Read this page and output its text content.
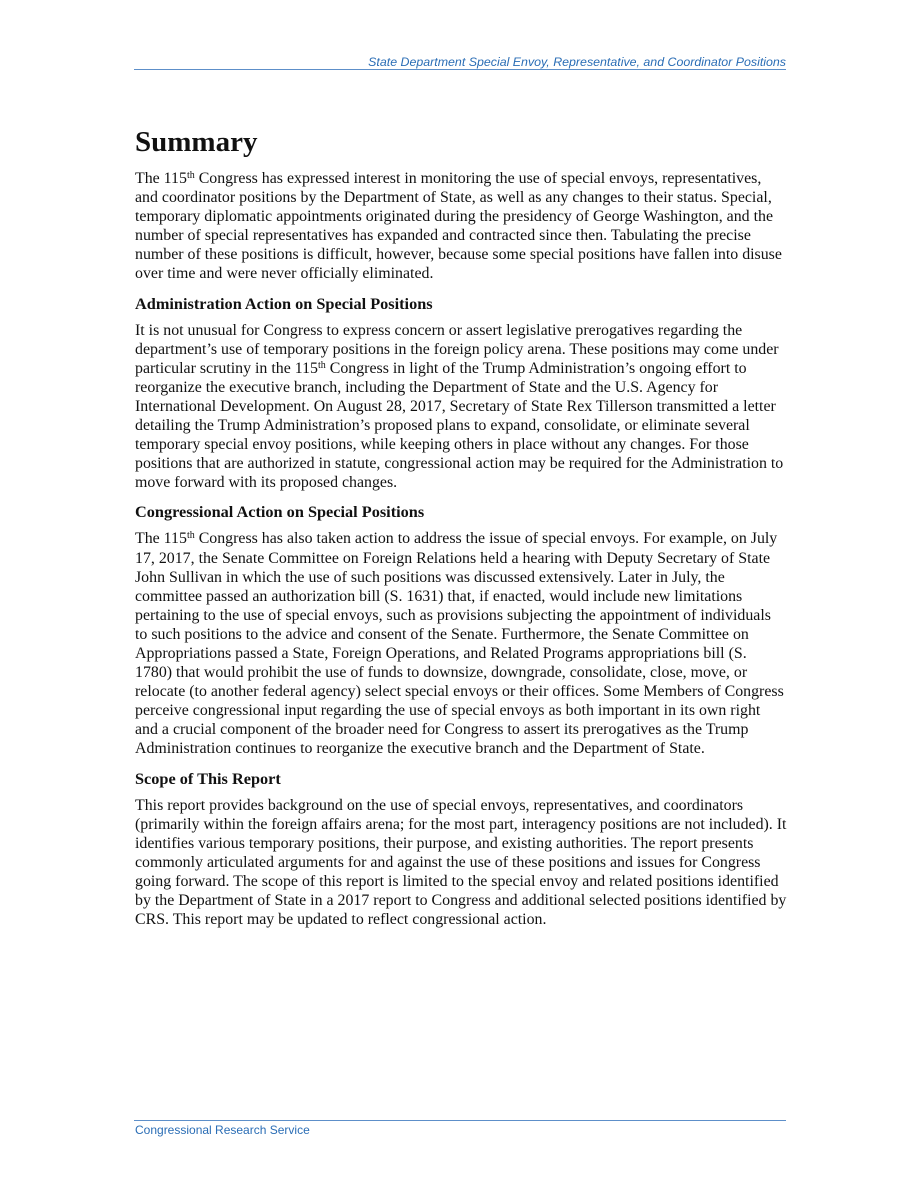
State Department Special Envoy, Representative, and Coordinator Positions
Summary

The 115th Congress has expressed interest in monitoring the use of special envoys, representatives, and coordinator positions by the Department of State, as well as any changes to their status. Special, temporary diplomatic appointments originated during the presidency of George Washington, and the number of special representatives has expanded and contracted since then. Tabulating the precise number of these positions is difficult, however, because some special positions have fallen into disuse over time and were never officially eliminated.

Administration Action on Special Positions

It is not unusual for Congress to express concern or assert legislative prerogatives regarding the department’s use of temporary positions in the foreign policy arena. These positions may come under particular scrutiny in the 115th Congress in light of the Trump Administration’s ongoing effort to reorganize the executive branch, including the Department of State and the U.S. Agency for International Development. On August 28, 2017, Secretary of State Rex Tillerson transmitted a letter detailing the Trump Administration’s proposed plans to expand, consolidate, or eliminate several temporary special envoy positions, while keeping others in place without any changes. For those positions that are authorized in statute, congressional action may be required for the Administration to move forward with its proposed changes.

Congressional Action on Special Positions

The 115th Congress has also taken action to address the issue of special envoys. For example, on July 17, 2017, the Senate Committee on Foreign Relations held a hearing with Deputy Secretary of State John Sullivan in which the use of such positions was discussed extensively. Later in July, the committee passed an authorization bill (S. 1631) that, if enacted, would include new limitations pertaining to the use of special envoys, such as provisions subjecting the appointment of individuals to such positions to the advice and consent of the Senate. Furthermore, the Senate Committee on Appropriations passed a State, Foreign Operations, and Related Programs appropriations bill (S. 1780) that would prohibit the use of funds to downsize, downgrade, consolidate, close, move, or relocate (to another federal agency) select special envoys or their offices. Some Members of Congress perceive congressional input regarding the use of special envoys as both important in its own right and a crucial component of the broader need for Congress to assert its prerogatives as the Trump Administration continues to reorganize the executive branch and the Department of State.

Scope of This Report

This report provides background on the use of special envoys, representatives, and coordinators (primarily within the foreign affairs arena; for the most part, interagency positions are not included). It identifies various temporary positions, their purpose, and existing authorities. The report presents commonly articulated arguments for and against the use of these positions and issues for Congress going forward. The scope of this report is limited to the special envoy and related positions identified by the Department of State in a 2017 report to Congress and additional selected positions identified by CRS. This report may be updated to reflect congressional action.

Congressional Research Service
